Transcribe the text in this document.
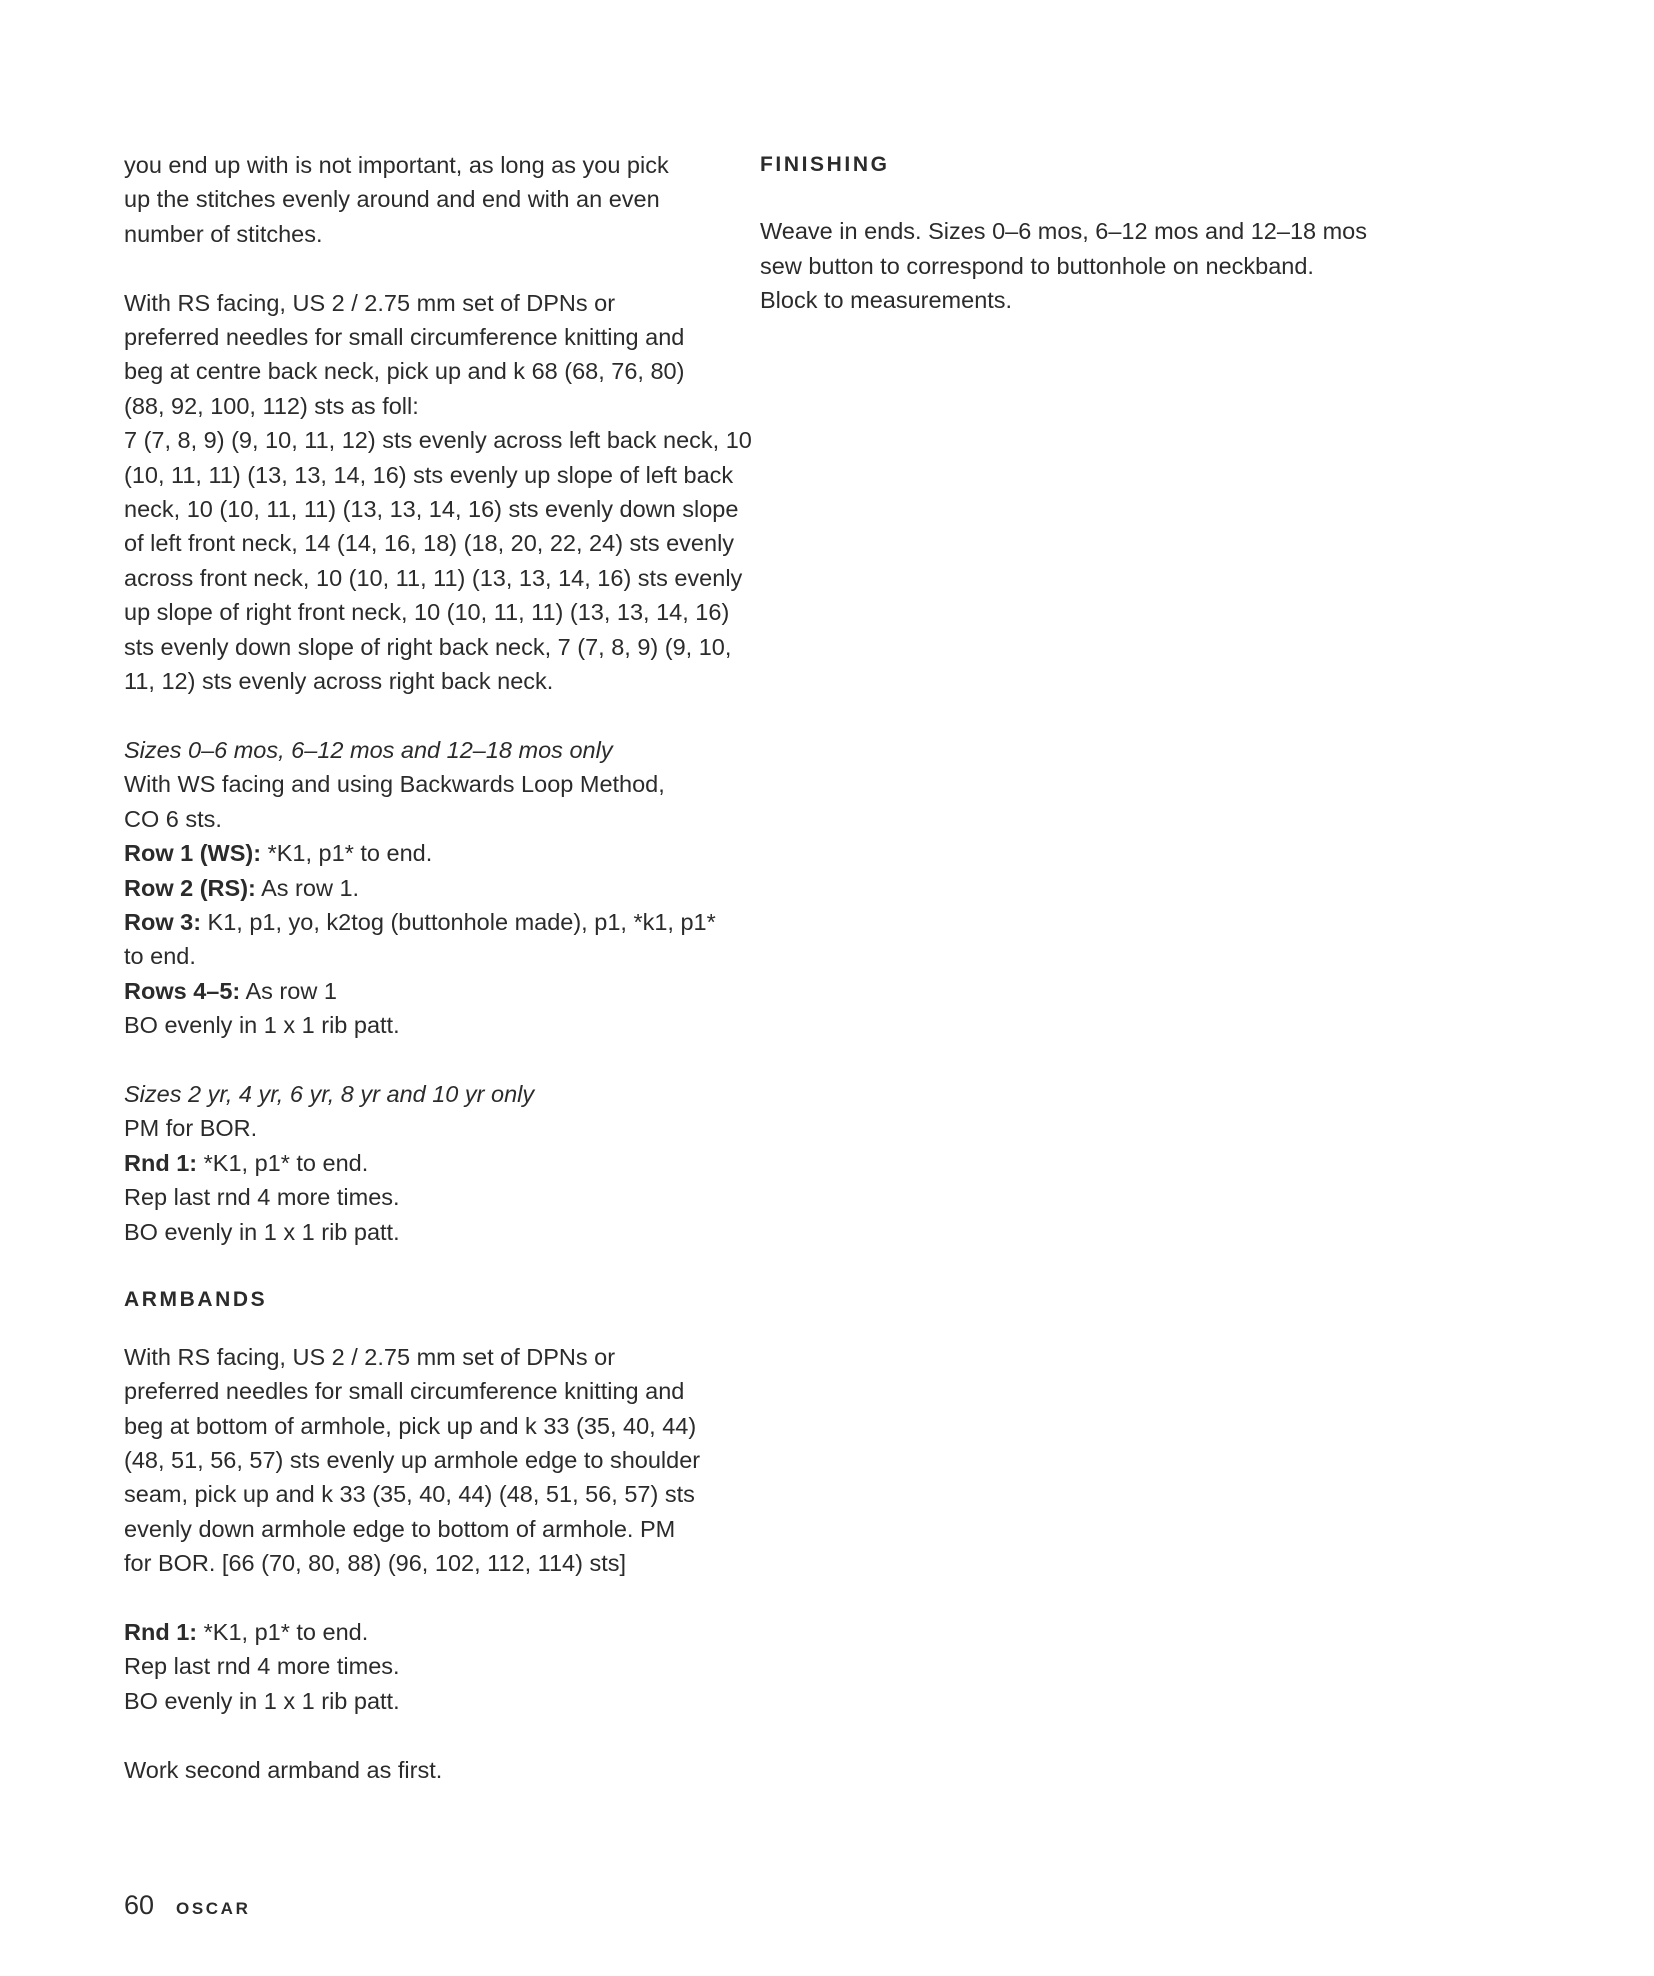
you end up with is not important, as long as you pick
up the stitches evenly around and end with an even
number of stitches.

With RS facing, US 2 / 2.75 mm set of DPNs or
preferred needles for small circumference knitting and
beg at centre back neck, pick up and k 68 (68, 76, 80)
(88, 92, 100, 112) sts as foll:
7 (7, 8, 9) (9, 10, 11, 12) sts evenly across left back neck, 10
(10, 11, 11) (13, 13, 14, 16) sts evenly up slope of left back
neck, 10 (10, 11, 11) (13, 13, 14, 16) sts evenly down slope
of left front neck, 14 (14, 16, 18) (18, 20, 22, 24) sts evenly
across front neck, 10 (10, 11, 11) (13, 13, 14, 16) sts evenly
up slope of right front neck, 10 (10, 11, 11) (13, 13, 14, 16)
sts evenly down slope of right back neck, 7 (7, 8, 9) (9, 10,
11, 12) sts evenly across right back neck.

Sizes 0–6 mos, 6–12 mos and 12–18 mos only
With WS facing and using Backwards Loop Method,
CO 6 sts.
Row 1 (WS): *K1, p1* to end.
Row 2 (RS): As row 1.
Row 3: K1, p1, yo, k2tog (buttonhole made), p1, *k1, p1*
to end.
Rows 4–5: As row 1
BO evenly in 1 x 1 rib patt.
Sizes 2 yr, 4 yr, 6 yr, 8 yr and 10 yr only
PM for BOR.
Rnd 1: *K1, p1* to end.
Rep last rnd 4 more times.
BO evenly in 1 x 1 rib patt.

ARMBANDS

With RS facing, US 2 / 2.75 mm set of DPNs or
preferred needles for small circumference knitting and
beg at bottom of armhole, pick up and k 33 (35, 40, 44)
(48, 51, 56, 57) sts evenly up armhole edge to shoulder
seam, pick up and k 33 (35, 40, 44) (48, 51, 56, 57) sts
evenly down armhole edge to bottom of armhole. PM
for BOR. [66 (70, 80, 88) (96, 102, 112, 114) sts]
Rnd 1: *K1, p1* to end.
Rep last rnd 4 more times.
BO evenly in 1 x 1 rib patt.
Work second armband as first.

FINISHING

Weave in ends. Sizes 0–6 mos, 6–12 mos and 12–18 mos
sew button to correspond to buttonhole on neckband.
Block to measurements.
60 OSCAR
